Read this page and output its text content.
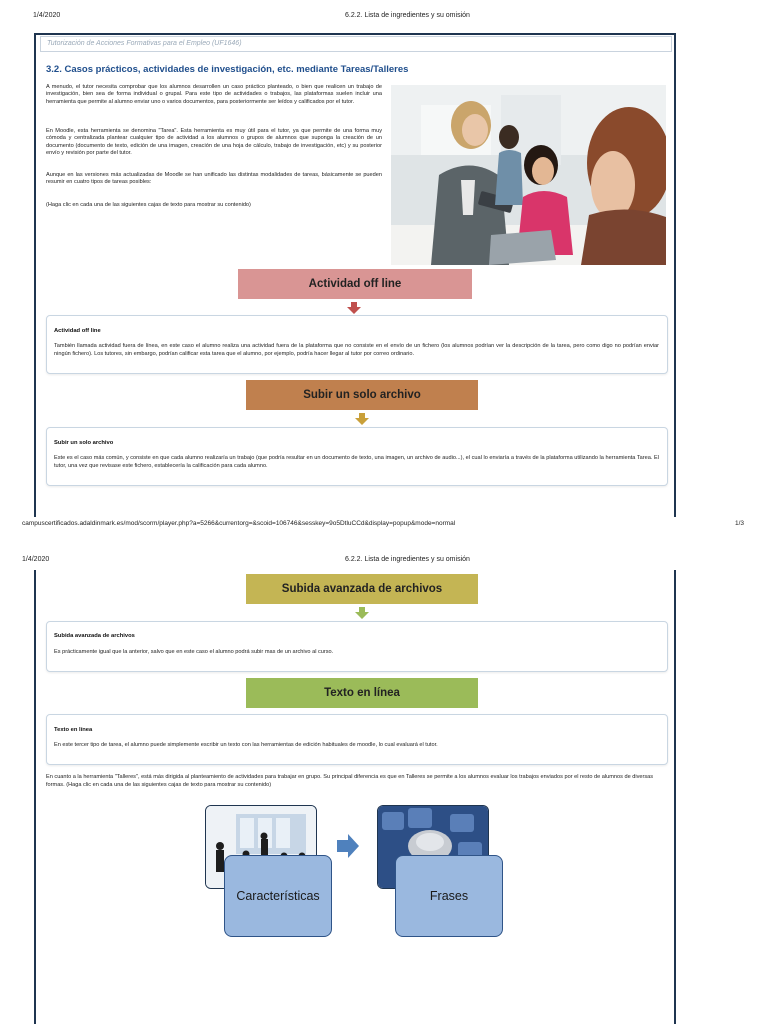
1/4/2020	6.2.2. Lista de ingredientes y su omisión
Tutorización de Acciones Formativas para el Empleo (UF1646)
3.2. Casos prácticos, actividades de investigación, etc. mediante Tareas/Talleres
A menudo, el tutor necesita comprobar que los alumnos desarrollen un caso práctico planteado, o bien que realicen un trabajo de investigación, bien sea de forma individual o grupal. Para este tipo de actividades o trabajos, las plataformas suelen incluir una herramienta que permite al alumno enviar uno o varios documentos, para posteriormente ser leídos y calificados por el tutor.
En Moodle, esta herramienta se denomina "Tarea". Esta herramienta es muy útil para el tutor, ya que permite de una forma muy cómoda y centralizada plantear cualquier tipo de actividad a los alumnos o grupos de alumnos que suponga la creación de un documento (documento de texto, edición de una imagen, creación de una hoja de cálculo, trabajo de investigación, etc) y su posterior envío y revisión por parte del tutor.
Aunque en las versiones más actualizadas de Moodle se han unificado las distintas modalidades de tareas, básicamente se pueden resumir en cuatro tipos de tareas posibles:
(Haga clic en cada una de las siguientes cajas de texto para mostrar su contenido)
Actividad off line
Actividad off line
También llamada actividad fuera de línea, en este caso el alumno realiza una actividad fuera de la plataforma que no consiste en el envío de un fichero (los alumnos podrían ver la descripción de la tarea, pero como digo no podrían enviar ningún fichero). Los tutores, sin embargo, podrían calificar esta tarea que el alumno, por ejemplo, podría hacer llegar al tutor por correo ordinario.
Subir un solo archivo
Subir un solo archivo
Este es el caso más común, y consiste en que cada alumno realizaría un trabajo (que podría resultar en un documento de texto, una imagen, un archivo de audio...), el cual lo enviaría a través de la plataforma utilizando la herramienta Tarea. El tutor, una vez que revisase este fichero, establecería la calificación para cada alumno.
campuscertificados.adaldinmark.es/mod/scorm/player.php?a=5266&currentorg=&scoid=106746&sesskey=9o5DtluCCd&display=popup&mode=normal	1/3
1/4/2020	6.2.2. Lista de ingredientes y su omisión
Subida avanzada de archivos
Subida avanzada de archivos
Es prácticamente igual que la anterior, salvo que en este caso el alumno podrá subir mas de un archivo al curso.
Texto en línea
Texto en línea
En este tercer tipo de tarea, el alumno puede simplemente escribir un texto con las herramientas de edición habituales de moodle, lo cual evaluará el tutor.
En cuanto a la herramienta "Talleres", está más dirigida al planteamiento de actividades para trabajar en grupo. Su principal diferencia es que en Talleres se permite a los alumnos evaluar los trabajos enviados por el resto de alumnos de diversas formas. (Haga clic en cada una de las siguientes cajas de texto para mostrar su contenido)
Características	Frases
